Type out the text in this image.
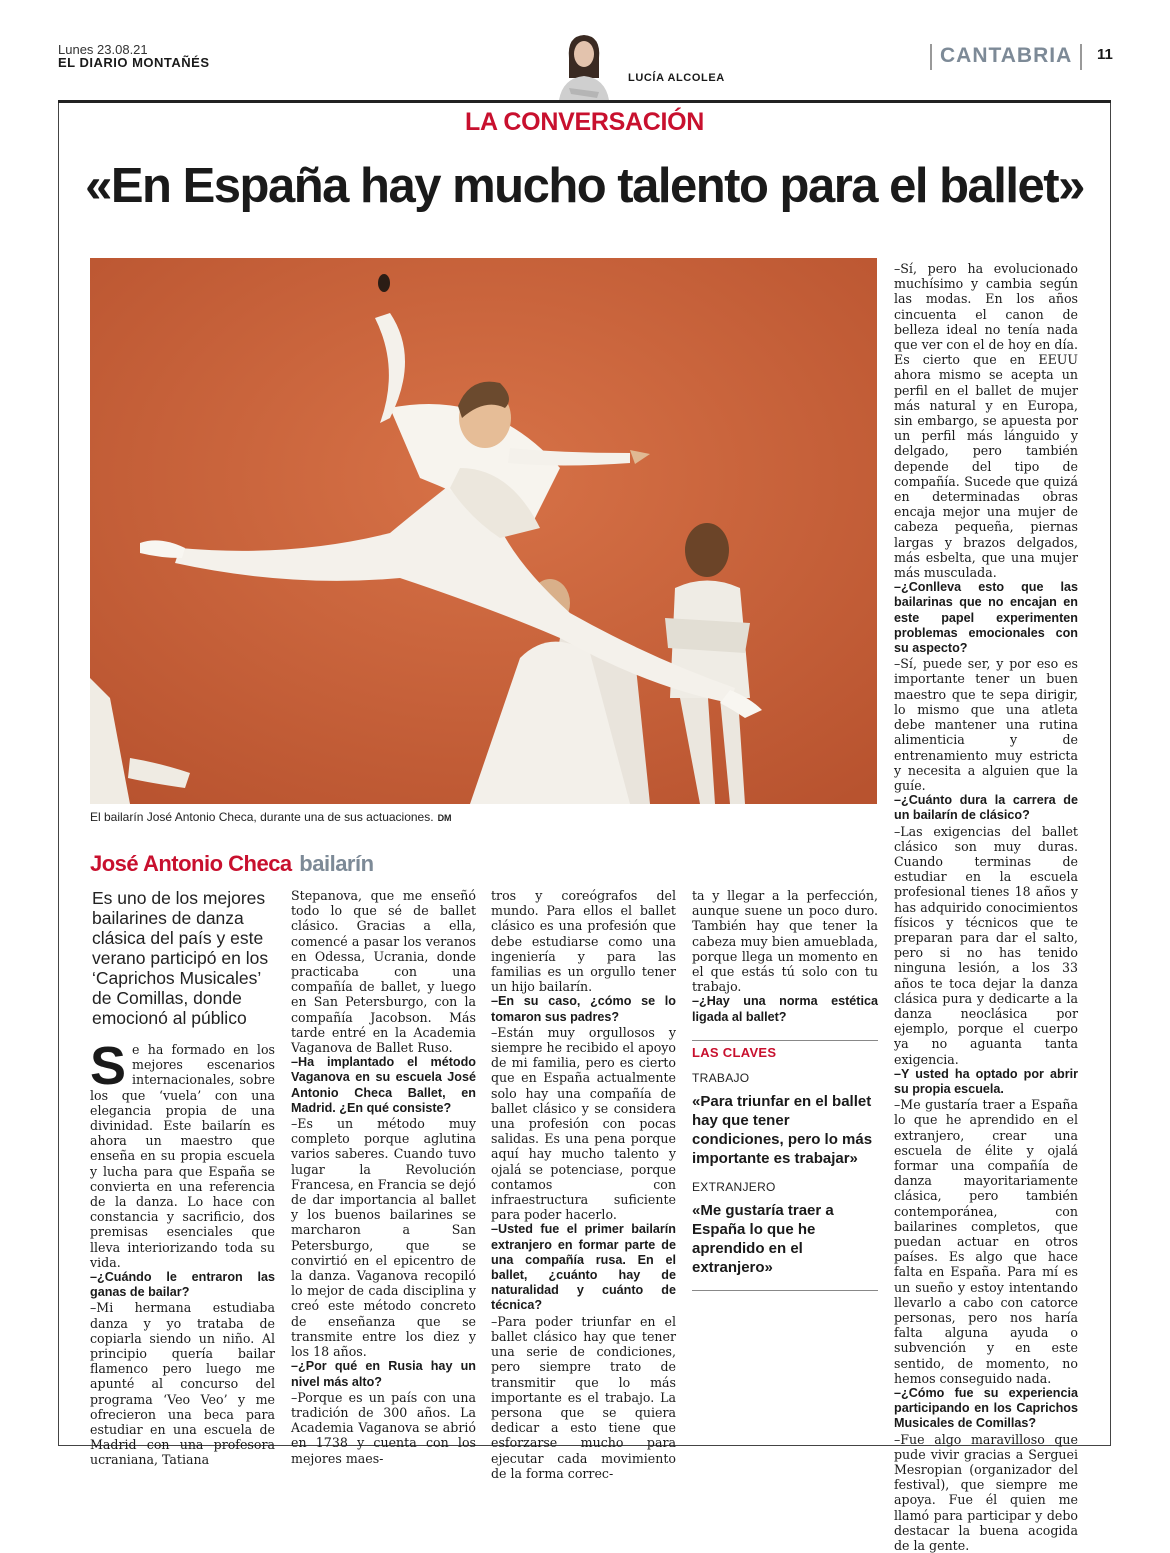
Lunes 23.08.21
EL DIARIO MONTAÑÉS
LUCÍA ALCOLEA
CANTABRIA 11
LA CONVERSACIÓN
«En España hay mucho talento para el ballet»
El bailarín José Antonio Checa, durante una de sus actuaciones. DM
José Antonio Checa bailarín
Es uno de los mejores bailarines de danza clásica del país y este verano participó en los ‘Caprichos Musicales’ de Comillas, donde emocionó al público

S e ha formado en los mejores escenarios internacionales, sobre los que ‘vuela’ con una elegancia propia de una divinidad. Este bailarín es ahora un maestro que enseña en su propia escuela y lucha para que España se convierta en una referencia de la danza. Lo hace con constancia y sacrificio, dos premisas esenciales que lleva interiorizando toda su vida.

–¿Cuándo le entraron las ganas de bailar?

–Mi hermana estudiaba danza y yo trataba de copiarla siendo un niño. Al principio quería bailar flamenco pero luego me apunté al concurso del programa ‘Veo Veo’ y me ofrecieron una beca para estudiar en una escuela de Madrid con una profesora ucraniana, Tatiana

Stepanova, que me enseñó todo lo que sé de ballet clásico. Gracias a ella, comencé a pasar los veranos en Odessa, Ucrania, donde practicaba con una compañía de ballet, y luego en San Petersburgo, con la compañía Jacobson. Más tarde entré en la Academia Vaganova de Ballet Ruso.

–Ha implantado el método Vaganova en su escuela José Antonio Checa Ballet, en Madrid. ¿En qué consiste?

–Es un método muy completo porque aglutina varios saberes. Cuando tuvo lugar la Revolución Francesa, en Francia se dejó de dar importancia al ballet y los buenos bailarines se marcharon a San Petersburgo, que se convirtió en el epicentro de la danza. Vaganova recopiló lo mejor de cada disciplina y creó este método concreto de enseñanza que se transmite entre los diez y los 18 años.

–¿Por qué en Rusia hay un nivel más alto?

–Porque es un país con una tradición de 300 años. La Academia Vaganova se abrió en 1738 y cuenta con los mejores maes-

tros y coreógrafos del mundo. Para ellos el ballet clásico es una profesión que debe estudiarse como una ingeniería y para las familias es un orgullo tener un hijo bailarín.

–En su caso, ¿cómo se lo tomaron sus padres?

–Están muy orgullosos y siempre he recibido el apoyo de mi familia, pero es cierto que en España actualmente solo hay una compañía de ballet clásico y se considera una profesión con pocas salidas. Es una pena porque aquí hay mucho talento y ojalá se potenciase, porque contamos con infraestructura suficiente para poder hacerlo.

–Usted fue el primer bailarín extranjero en formar parte de una compañía rusa. En el ballet, ¿cuánto hay de naturalidad y cuánto de técnica?

–Para poder triunfar en el ballet clásico hay que tener una serie de condiciones, pero siempre trato de transmitir que lo más importante es el trabajo. La persona que se quiera dedicar a esto tiene que esforzarse mucho para ejecutar cada movimiento de la forma correc-

ta y llegar a la perfección, aunque suene un poco duro. También hay que tener la cabeza muy bien amueblada, porque llega un momento en el que estás tú solo con tu trabajo.

–¿Hay una norma estética ligada al ballet?

LAS CLAVES
TRABAJO
«Para triunfar en el ballet hay que tener condiciones, pero lo más importante es trabajar»
EXTRANJERO
«Me gustaría traer a España lo que he aprendido en el extranjero»

–Sí, pero ha evolucionado muchísimo y cambia según las modas. En los años cincuenta el canon de belleza ideal no tenía nada que ver con el de hoy en día. Es cierto que en EEUU ahora mismo se acepta un perfil en el ballet de mujer más natural y en Europa, sin embargo, se apuesta por un perfil más lánguido y delgado, pero también depende del tipo de compañía. Sucede que quizá en determinadas obras encaja mejor una mujer de cabeza pequeña, piernas largas y brazos delgados, más esbelta, que una mujer más musculada.

–¿Conlleva esto que las bailarinas que no encajan en este papel experimenten problemas emocionales con su aspecto?

–Sí, puede ser, y por eso es importante tener un buen maestro que te sepa dirigir, lo mismo que una atleta debe mantener una rutina alimenticia y de entrenamiento muy estricta y necesita a alguien que la guíe.

–¿Cuánto dura la carrera de un bailarín de clásico?

–Las exigencias del ballet clásico son muy duras. Cuando terminas de estudiar en la escuela profesional tienes 18 años y has adquirido conocimientos físicos y técnicos que te preparan para dar el salto, pero si no has tenido ninguna lesión, a los 33 años te toca dejar la danza clásica pura y dedicarte a la danza neoclásica por ejemplo, porque el cuerpo ya no aguanta tanta exigencia.

–Y usted ha optado por abrir su propia escuela.

–Me gustaría traer a España lo que he aprendido en el extranjero, crear una escuela de élite y ojalá formar una compañía de danza mayoritariamente clásica, pero también contemporánea, con bailarines completos, que puedan actuar en otros países. Es algo que hace falta en España. Para mí es un sueño y estoy intentando llevarlo a cabo con catorce personas, pero nos haría falta alguna ayuda o subvención y en este sentido, de momento, no hemos conseguido nada.

–¿Cómo fue su experiencia participando en los Caprichos Musicales de Comillas?

–Fue algo maravilloso que pude vivir gracias a Serguei Mesropian (organizador del festival), que siempre me apoya. Fue él quien me llamó para participar y debo destacar la buena acogida de la gente.
